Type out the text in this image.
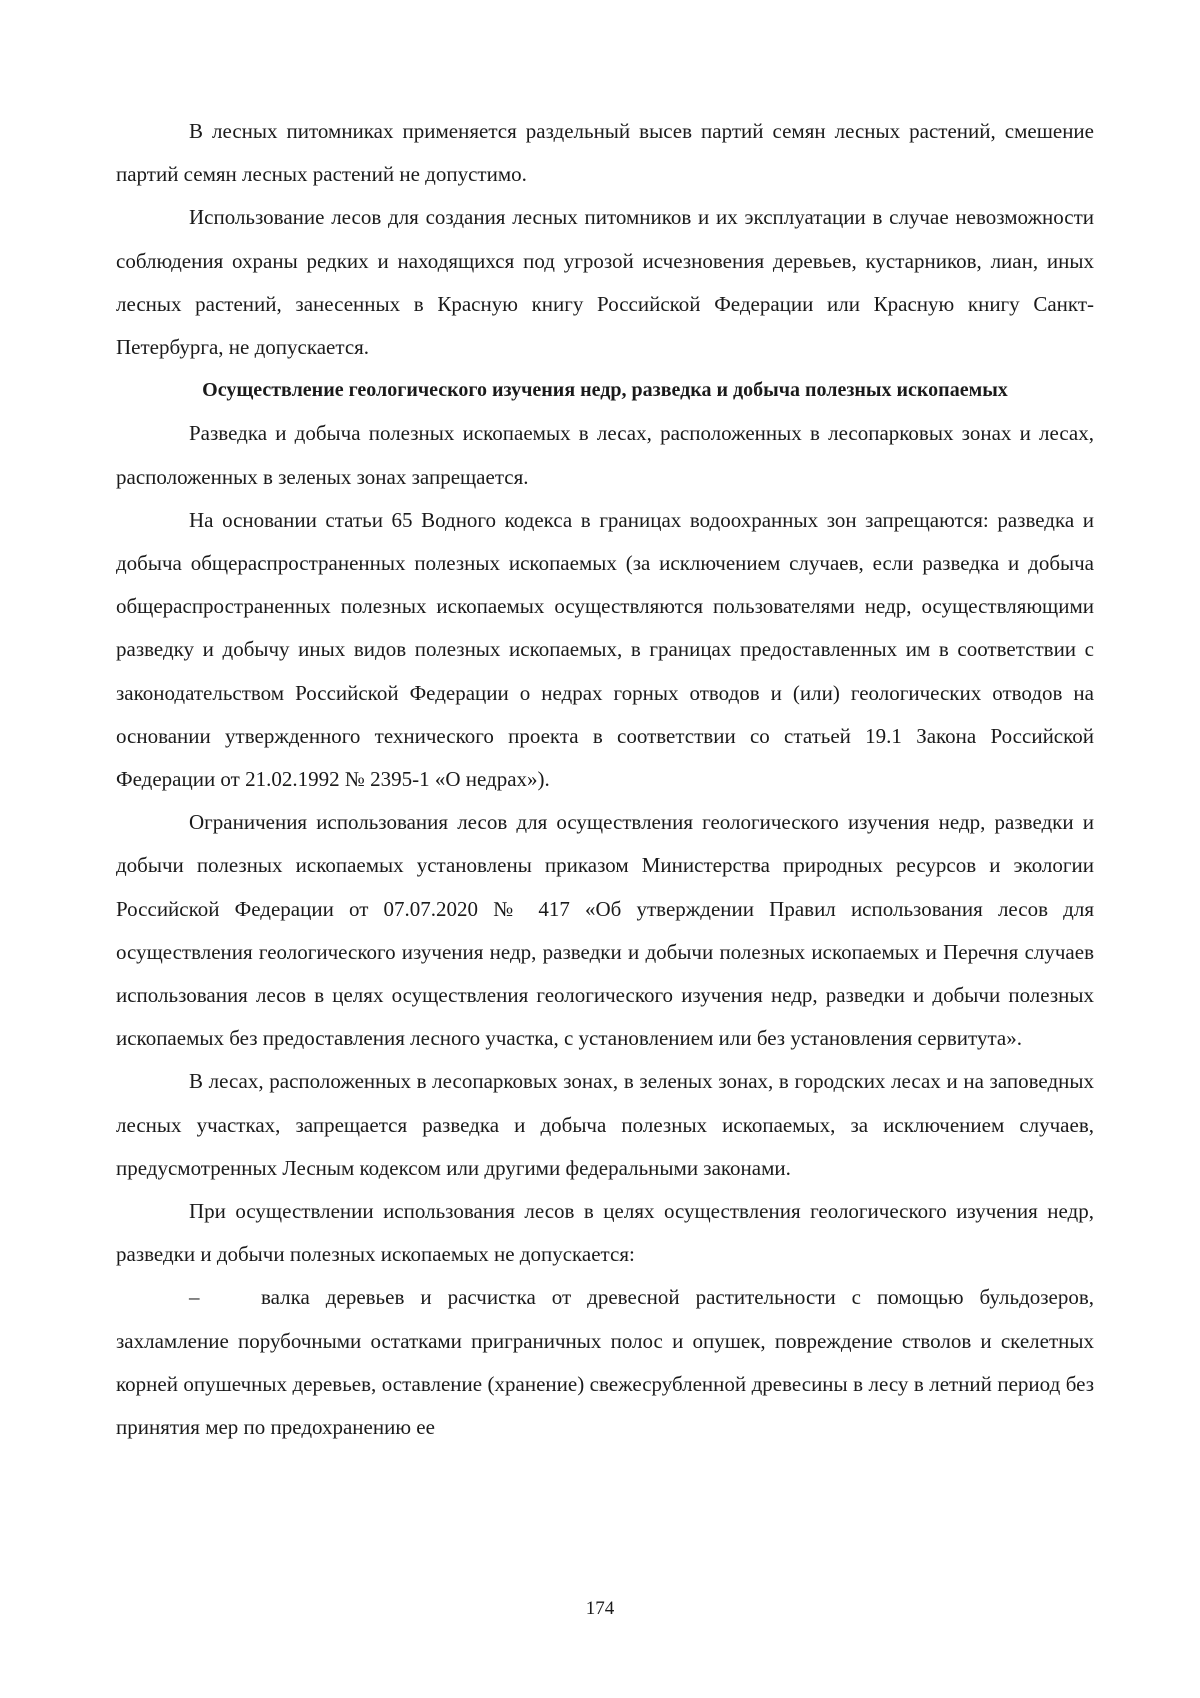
В лесных питомниках применяется раздельный высев партий семян лесных растений, смешение партий семян лесных растений не допустимо.

Использование лесов для создания лесных питомников и их эксплуатации в случае невозможности соблюдения охраны редких и находящихся под угрозой исчезновения деревьев, кустарников, лиан, иных лесных растений, занесенных в Красную книгу Российской Федерации или Красную книгу Санкт-Петербурга, не допускается.

Осуществление геологического изучения недр, разведка и добыча полезных ископаемых

Разведка и добыча полезных ископаемых в лесах, расположенных в лесопарковых зонах и лесах, расположенных в зеленых зонах запрещается.

На основании статьи 65 Водного кодекса в границах водоохранных зон запрещаются: разведка и добыча общераспространенных полезных ископаемых (за исключением случаев, если разведка и добыча общераспространенных полезных ископаемых осуществляются пользователями недр, осуществляющими разведку и добычу иных видов полезных ископаемых, в границах предоставленных им в соответствии с законодательством Российской Федерации о недрах горных отводов и (или) геологических отводов на основании утвержденного технического проекта в соответствии со статьей 19.1 Закона Российской Федерации от 21.02.1992 № 2395-1 «О недрах»).

Ограничения использования лесов для осуществления геологического изучения недр, разведки и добычи полезных ископаемых установлены приказом Министерства природных ресурсов и экологии Российской Федерации от 07.07.2020 № 417 «Об утверждении Правил использования лесов для осуществления геологического изучения недр, разведки и добычи полезных ископаемых и Перечня случаев использования лесов в целях осуществления геологического изучения недр, разведки и добычи полезных ископаемых без предоставления лесного участка, с установлением или без установления сервитута».

В лесах, расположенных в лесопарковых зонах, в зеленых зонах, в городских лесах и на заповедных лесных участках, запрещается разведка и добыча полезных ископаемых, за исключением случаев, предусмотренных Лесным кодексом или другими федеральными законами.

При осуществлении использования лесов в целях осуществления геологического изучения недр, разведки и добычи полезных ископаемых не допускается:

–	валка деревьев и расчистка от древесной растительности с помощью бульдозеров, захламление порубочными остатками приграничных полос и опушек, повреждение стволов и скелетных корней опушечных деревьев, оставление (хранение) свежесрубленной древесины в лесу в летний период без принятия мер по предохранению ее

174
